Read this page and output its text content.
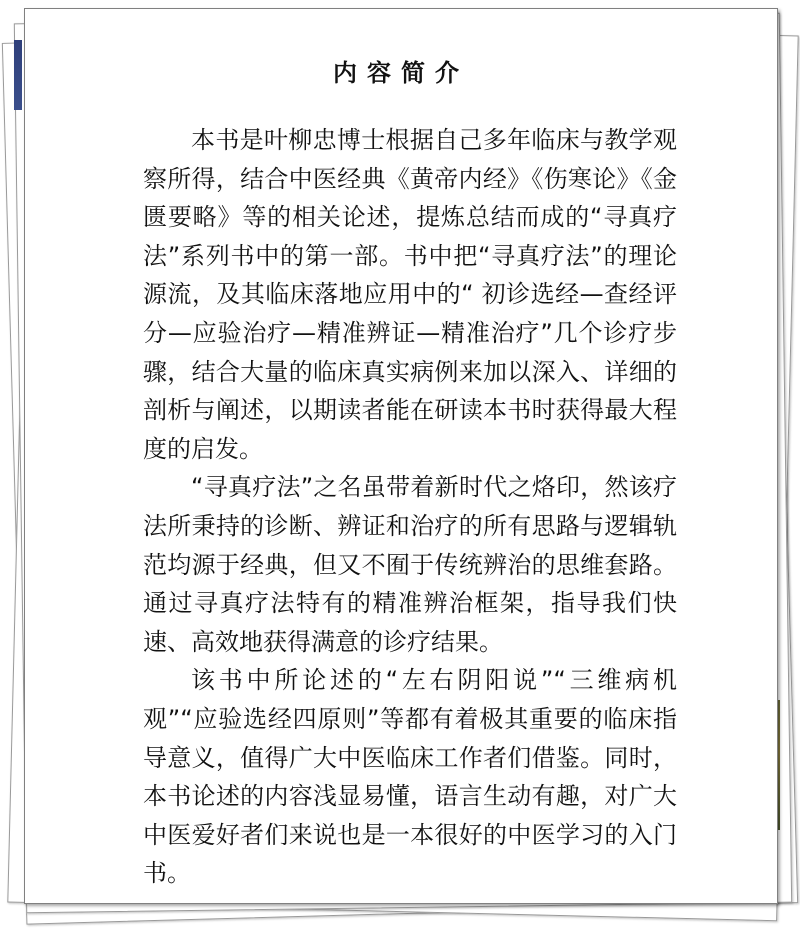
内容简介

本书是叶柳忠博士根据自己多年临床与教学观察所得，结合中医经典《黄帝内经》《伤寒论》《金匮要略》等的相关论述，提炼总结而成的“寻真疗法”系列书中的第一部。书中把“寻真疗法”的理论源流，及其临床落地应用中的“ 初诊选经—查经评分—应验治疗—精准辨证—精准治疗”几个诊疗步骤，结合大量的临床真实病例来加以深入、详细的剖析与阐述，以期读者能在研读本书时获得最大程度的启发。

“寻真疗法”之名虽带着新时代之烙印，然该疗法所秉持的诊断、辨证和治疗的所有思路与逻辑轨范均源于经典，但又不囿于传统辨治的思维套路。通过寻真疗法特有的精准辨治框架，指导我们快速、高效地获得满意的诊疗结果。

该书中所论述的“左右阴阳说”“三维病机观”“应验选经四原则”等都有着极其重要的临床指导意义，值得广大中医临床工作者们借鉴。同时，本书论述的内容浅显易懂，语言生动有趣，对广大中医爱好者们来说也是一本很好的中医学习的入门书。
